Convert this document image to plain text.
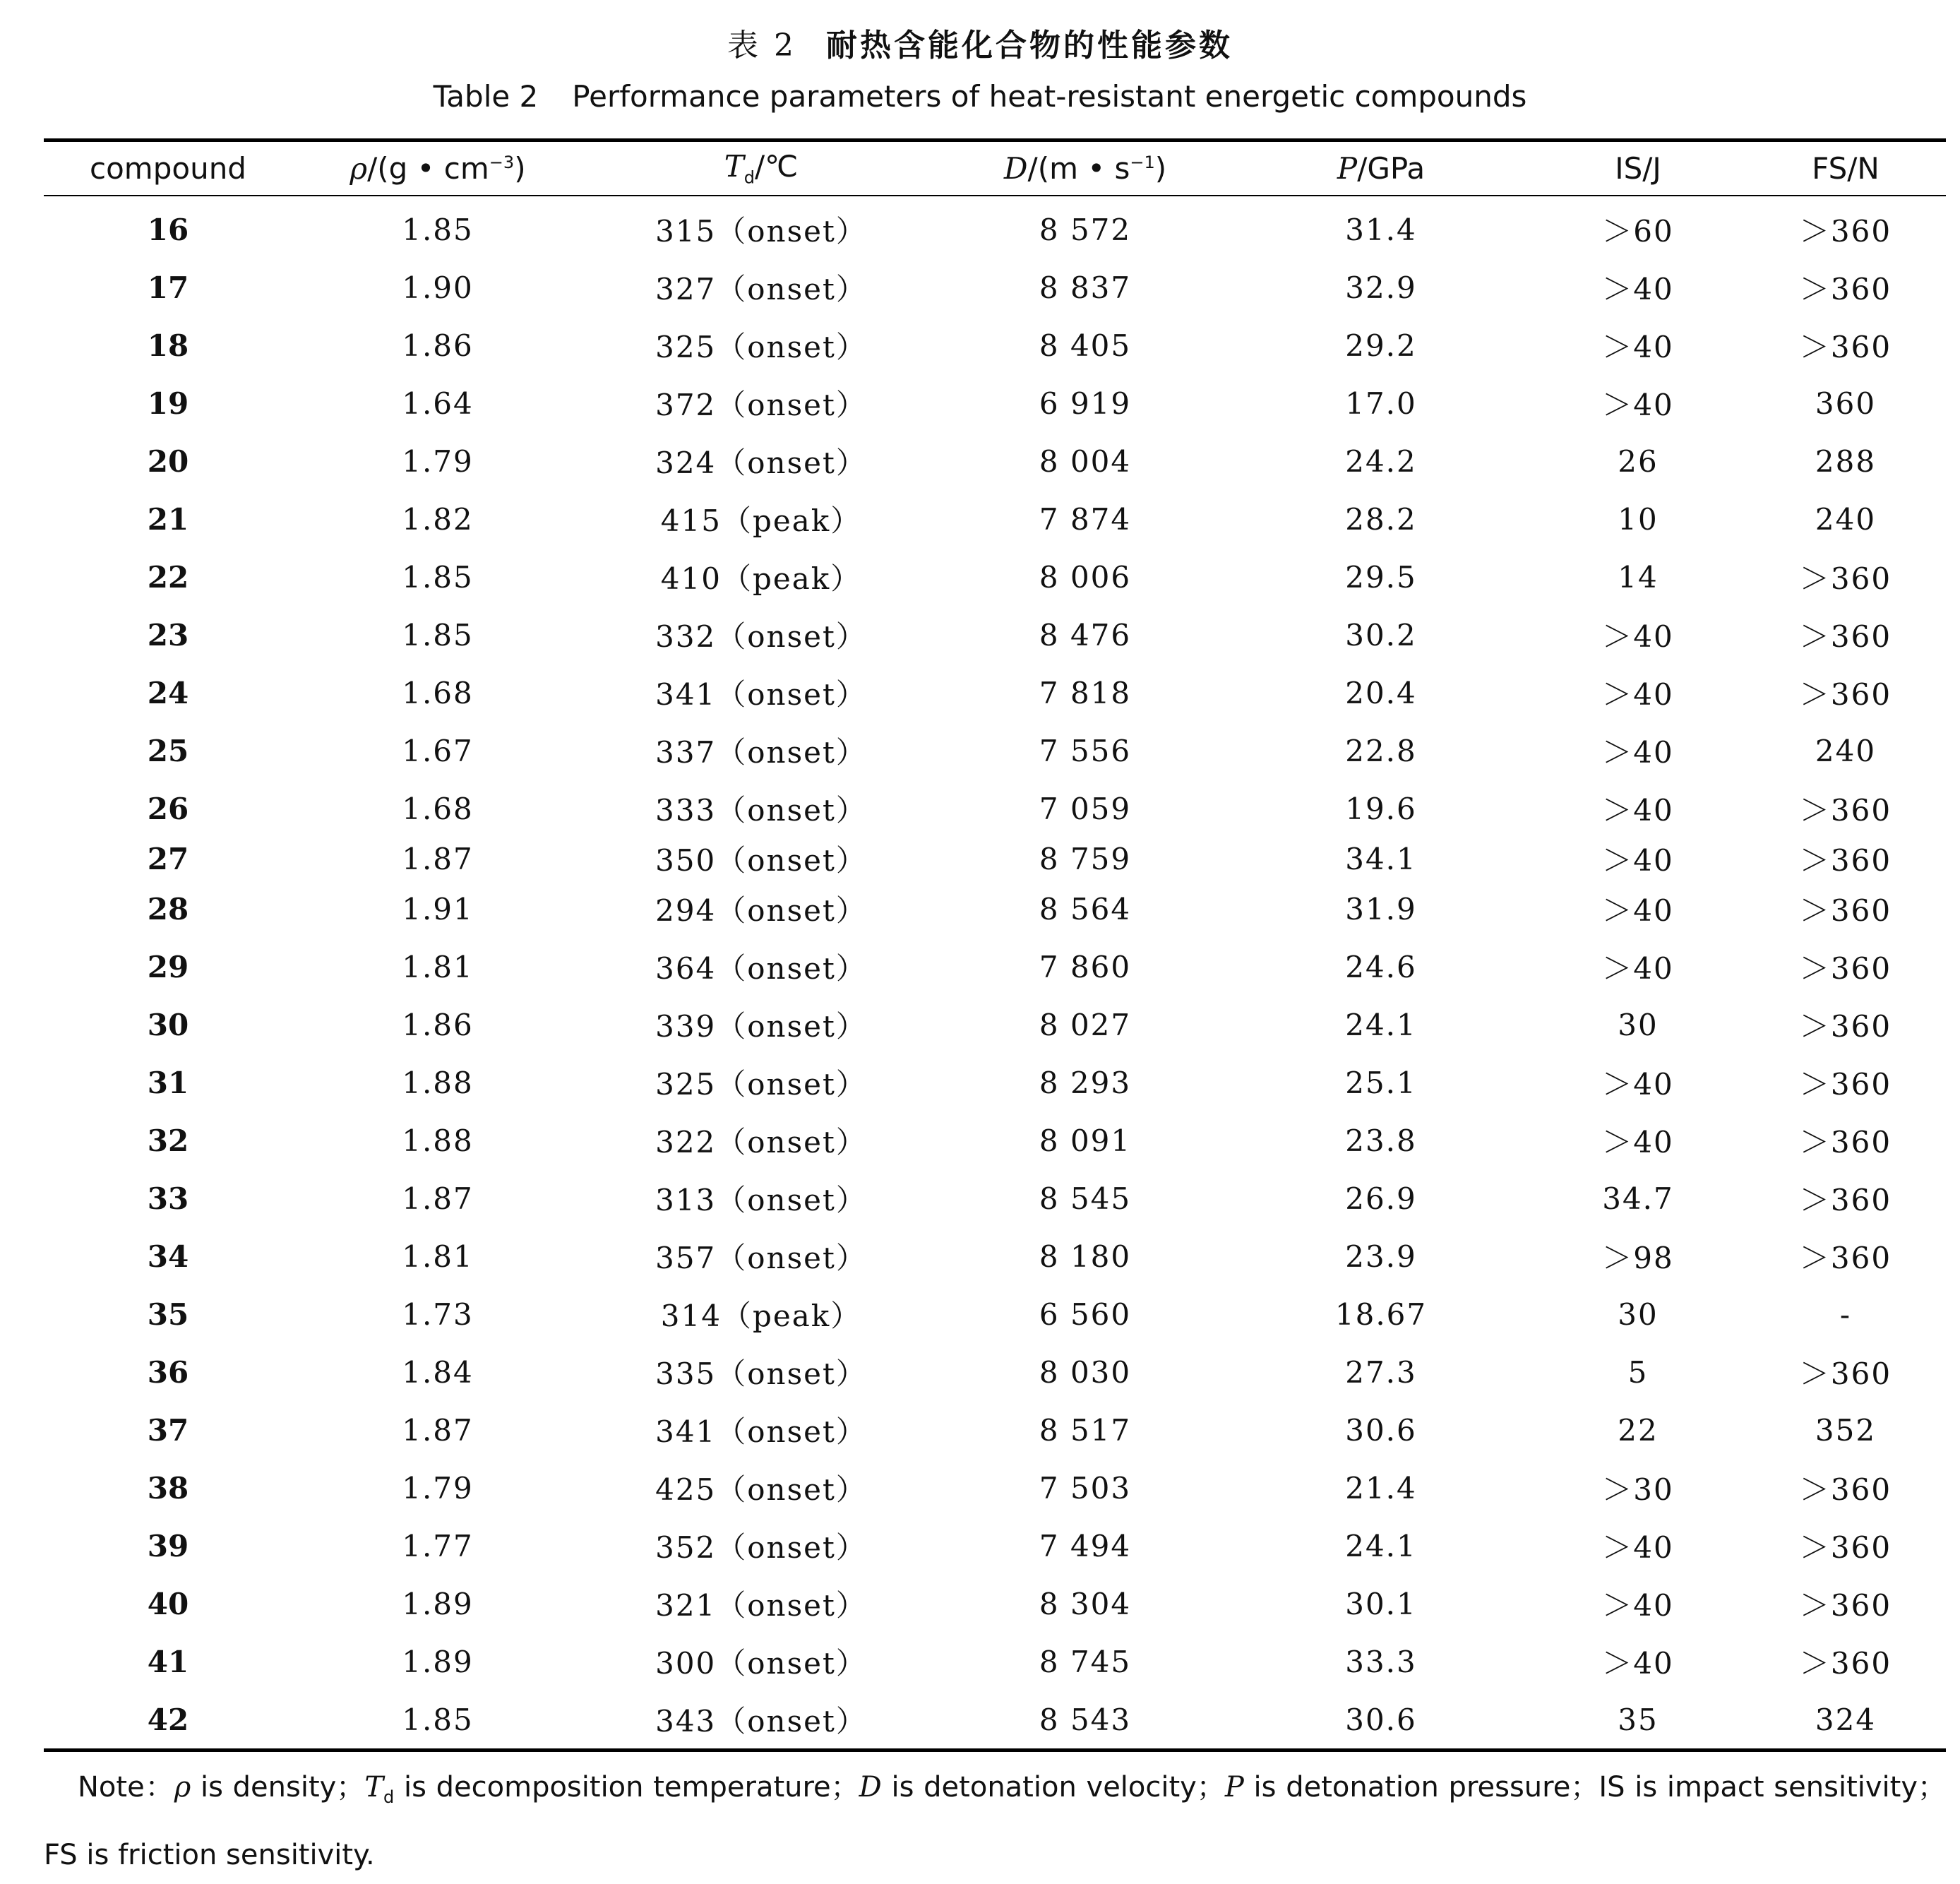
表 2 耐热含能化合物的性能参数
Table 2 Performance parameters of heat-resistant energetic compounds
compound	ρ/(g • $cm^{-3}$)	$T_d/℃$	D/(m • $s^{-1}$)	P/GPa	IS/J	FS/N
16	1.85	315（onset）	8 572	31.4	＞60	＞360
17	1.90	327（onset）	8 837	32.9	＞40	＞360
18	1.86	325（onset）	8 405	29.2	＞40	＞360
19	1.64	372（onset）	6 919	17.0	＞40	360
20	1.79	324（onset）	8 004	24.2	26	288
21	1.82	415（peak）	7 874	28.2	10	240
22	1.85	410（peak）	8 006	29.5	14	＞360
23	1.85	332（onset）	8 476	30.2	＞40	＞360
24	1.68	341（onset）	7 818	20.4	＞40	＞360
25	1.67	337（onset）	7 556	22.8	＞40	240
26	1.68	333（onset）	7 059	19.6	＞40	＞360
27	1.87	350（onset）	8 759	34.1	＞40	＞360
28	1.91	294（onset）	8 564	31.9	＞40	＞360
29	1.81	364（onset）	7 860	24.6	＞40	＞360
30	1.86	339（onset）	8 027	24.1	30	＞360
31	1.88	325（onset）	8 293	25.1	＞40	＞360
32	1.88	322（onset）	8 091	23.8	＞40	＞360
33	1.87	313（onset）	8 545	26.9	34.7	＞360
34	1.81	357（onset）	8 180	23.9	＞98	＞360
35	1.73	314（peak）	6 560	18.67	30	-
36	1.84	335（onset）	8 030	27.3	5	＞360
37	1.87	341（onset）	8 517	30.6	22	352
38	1.79	425（onset）	7 503	21.4	＞30	＞360
39	1.77	352（onset）	7 494	24.1	＞40	＞360
40	1.89	321（onset）	8 304	30.1	＞40	＞360
41	1.89	300（onset）	8 745	33.3	＞40	＞360
42	1.85	343（onset）	8 543	30.6	35	324
Note：ρ is density；$T_d$ is decomposition temperature；D is detonation velocity；P is detonation pressure；IS is impact sensitivity；FS is friction sensitivity.
